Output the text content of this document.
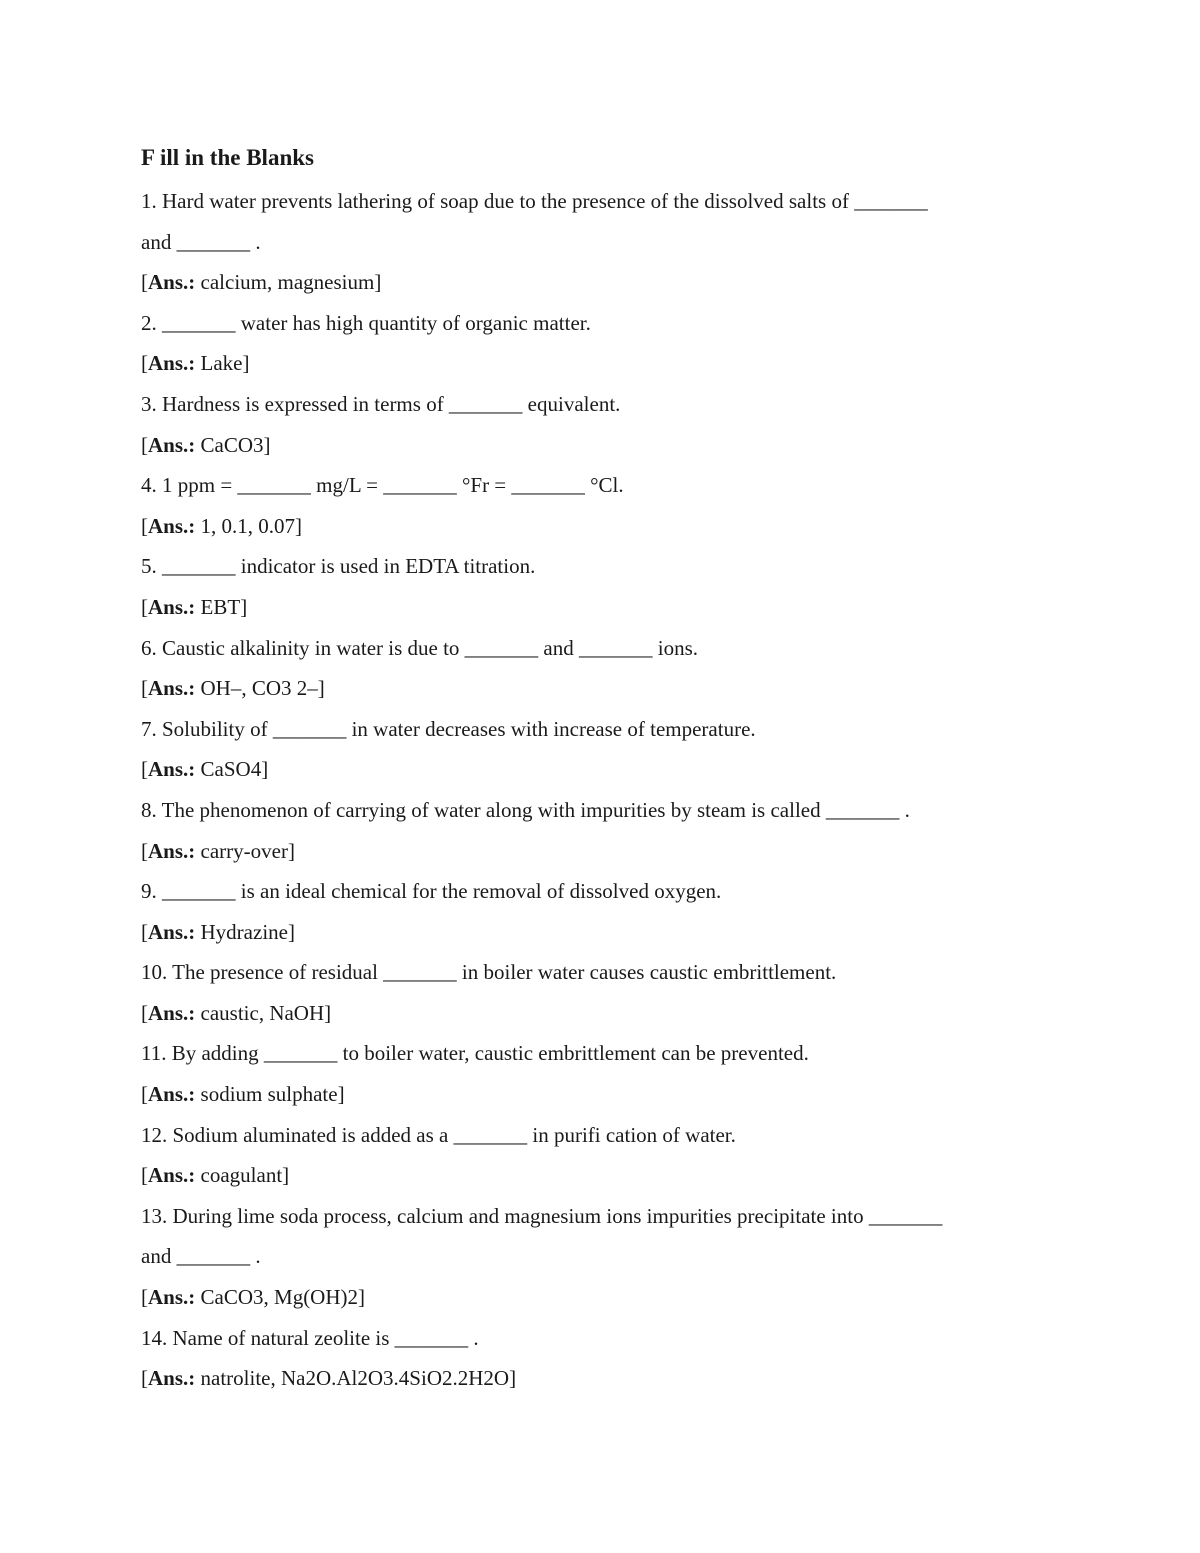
F ill in the Blanks

1. Hard water prevents lathering of soap due to the presence of the dissolved salts of _______

and _______ .

[Ans.: calcium, magnesium]

2. _______ water has high quantity of organic matter.

[Ans.: Lake]

3. Hardness is expressed in terms of _______ equivalent.

[Ans.: CaCO3]

4. 1 ppm = _______ mg/L = _______ °Fr = _______ °Cl.

[Ans.: 1, 0.1, 0.07]

5. _______ indicator is used in EDTA titration.

[Ans.: EBT]

6. Caustic alkalinity in water is due to _______ and _______ ions.

[Ans.: OH–, CO3 2–]

7. Solubility of _______ in water decreases with increase of temperature.

[Ans.: CaSO4]

8. The phenomenon of carrying of water along with impurities by steam is called _______ .

[Ans.: carry-over]

9. _______ is an ideal chemical for the removal of dissolved oxygen.

[Ans.: Hydrazine]

10. The presence of residual _______ in boiler water causes caustic embrittlement.

[Ans.: caustic, NaOH]

11. By adding _______ to boiler water, caustic embrittlement can be prevented.

[Ans.: sodium sulphate]

12. Sodium aluminated is added as a _______ in purifi cation of water.

[Ans.: coagulant]

13. During lime soda process, calcium and magnesium ions impurities precipitate into _______

and _______ .

[Ans.: CaCO3, Mg(OH)2]

14. Name of natural zeolite is _______ .

[Ans.: natrolite, Na2O.Al2O3.4SiO2.2H2O]
